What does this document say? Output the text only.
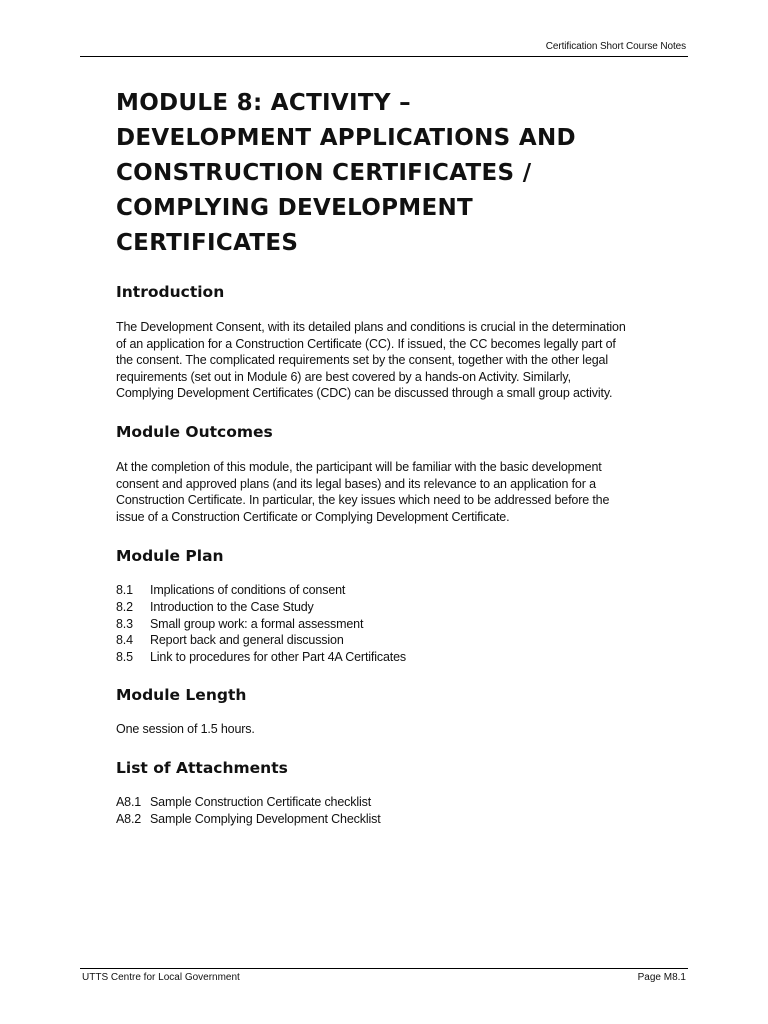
Certification Short Course Notes
MODULE 8: ACTIVITY –
DEVELOPMENT APPLICATIONS AND
CONSTRUCTION CERTIFICATES /
COMPLYING DEVELOPMENT
CERTIFICATES
Introduction

The Development Consent, with its detailed plans and conditions is crucial in the determination
of an application for a Construction Certificate (CC). If issued, the CC becomes legally part of
the consent. The complicated requirements set by the consent, together with the other legal
requirements (set out in Module 6) are best covered by a hands-on Activity. Similarly,
Complying Development Certificates (CDC) can be discussed through a small group activity.

Module Outcomes

At the completion of this module, the participant will be familiar with the basic development
consent and approved plans (and its legal bases) and its relevance to an application for a
Construction Certificate. In particular, the key issues which need to be addressed before the
issue of a Construction Certificate or Complying Development Certificate.

Module Plan
8.1	Implications of conditions of consent
8.2	Introduction to the Case Study
8.3	Small group work: a formal assessment
8.4	Report back and general discussion
8.5	Link to procedures for other Part 4A Certificates
Module Length

One session of 1.5 hours.

List of Attachments
A8.1 Sample Construction Certificate checklist
A8.2 Sample Complying Development Checklist
UTTS Centre for Local Government	Page M8.1
